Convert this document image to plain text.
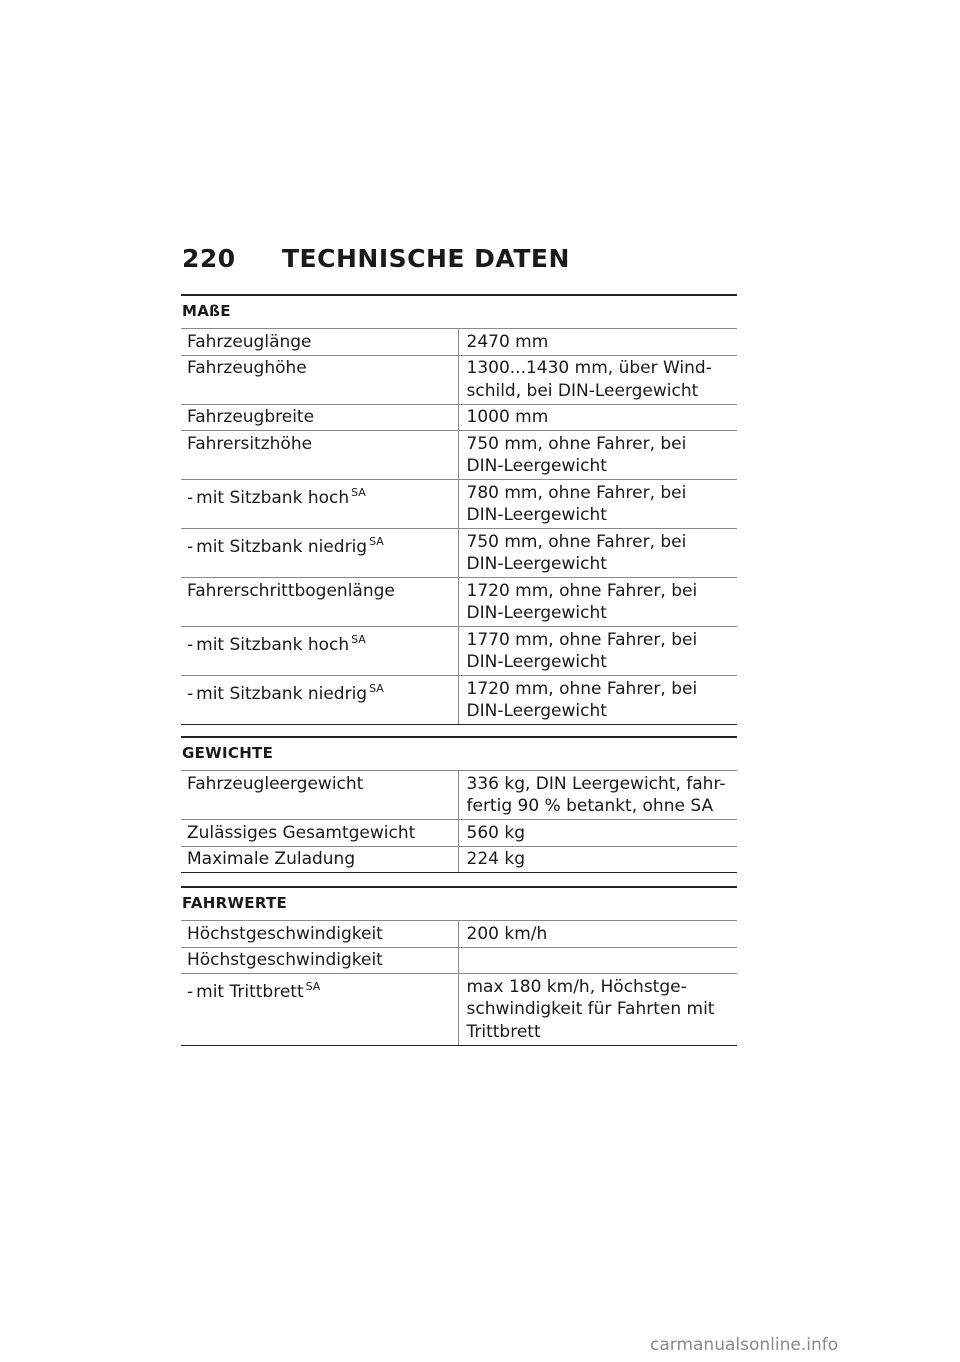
220	TECHNISCHE DATEN
MAßE
Fahrzeuglänge	2470 mm
Fahrzeughöhe	1300...1430 mm, über Wind-
schild, bei DIN-Leergewicht
Fahrzeugbreite	1000 mm
Fahrersitzhöhe	750 mm, ohne Fahrer, bei
DIN-Leergewicht
- mit Sitzbank hoch $^{SA}$	780 mm, ohne Fahrer, bei
DIN-Leergewicht
- mit Sitzbank niedrig $^{SA}$	750 mm, ohne Fahrer, bei
DIN-Leergewicht
Fahrerschrittbogenlänge	1720 mm, ohne Fahrer, bei
DIN-Leergewicht
- mit Sitzbank hoch $^{SA}$	1770 mm, ohne Fahrer, bei
DIN-Leergewicht
- mit Sitzbank niedrig $^{SA}$	1720 mm, ohne Fahrer, bei
DIN-Leergewicht
GEWICHTE
Fahrzeugleergewicht	336 kg, DIN Leergewicht, fahr-
fertig 90 % betankt, ohne SA
Zulässiges Gesamtgewicht	560 kg
Maximale Zuladung	224 kg
FAHRWERTE
Höchstgeschwindigkeit	200 km/h
Höchstgeschwindigkeit	
- mit Trittbrett $^{SA}$	max 180 km/h, Höchstge-
schwindigkeit für Fahrten mit
Trittbrett
carmanualsonline.info
